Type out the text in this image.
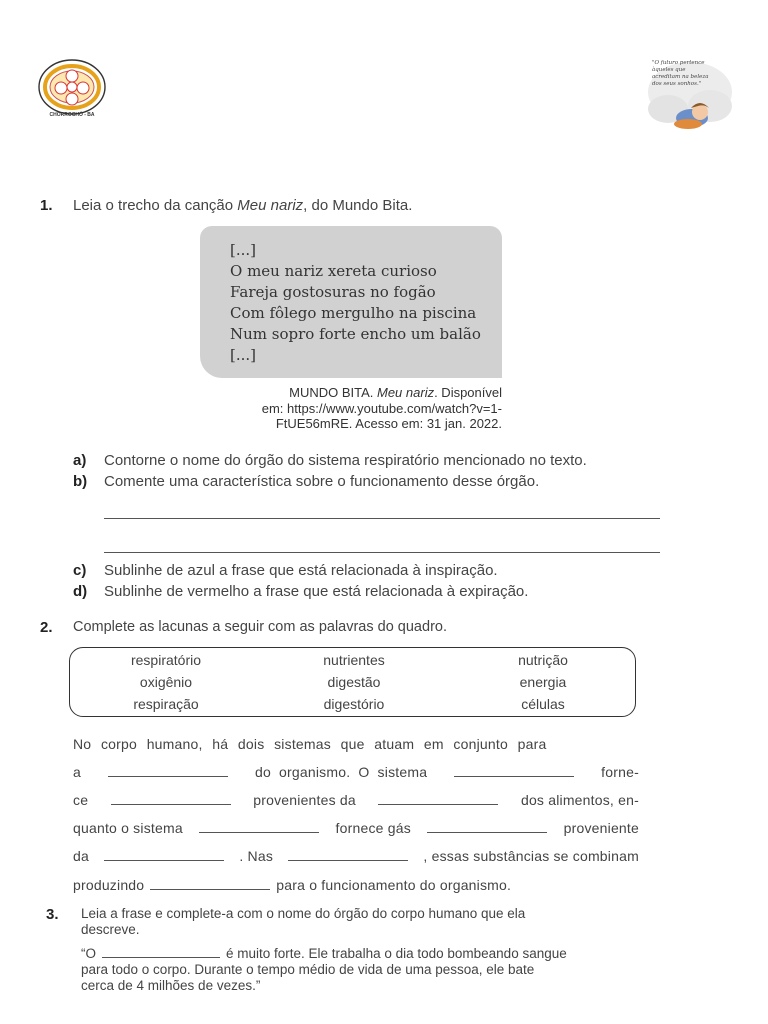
CHORROCHÓ - BA
"O futuro pertence àqueles que acreditam na beleza dos seus sonhos."
1. Leia o trecho da canção Meu nariz, do Mundo Bita.
[...]
O meu nariz xereta curioso
Fareja gostosuras no fogão
Com fôlego mergulho na piscina
Num sopro forte encho um balão
[...]
MUNDO BITA. Meu nariz. Disponível
em: https://www.youtube.com/watch?v=1-
FtUE56mRE. Acesso em: 31 jan. 2022.
a) Contorne o nome do órgão do sistema respiratório mencionado no texto.
b) Comente uma característica sobre o funcionamento desse órgão.
c) Sublinhe de azul a frase que está relacionada à inspiração.
d) Sublinhe de vermelho a frase que está relacionada à expiração.
2. Complete as lacunas a seguir com as palavras do quadro.
respiratório	nutrientes	nutrição
oxigênio	digestão	energia
respiração	digestório	células
No corpo humano, há dois sistemas que atuam em conjunto para
a	do organismo. O sistema	forne-
ce	provenientes da	dos alimentos, en-
quanto o sistema	fornece gás	proveniente
da	. Nas	, essas substâncias se combinam
produzindo	para o funcionamento do organismo.
3. Leia a frase e complete-a com o nome do órgão do corpo humano que ela
descreve.
“O	é muito forte. Ele trabalha o dia todo bombeando sangue
para todo o corpo. Durante o tempo médio de vida de uma pessoa, ele bate
cerca de 4 milhões de vezes.”
